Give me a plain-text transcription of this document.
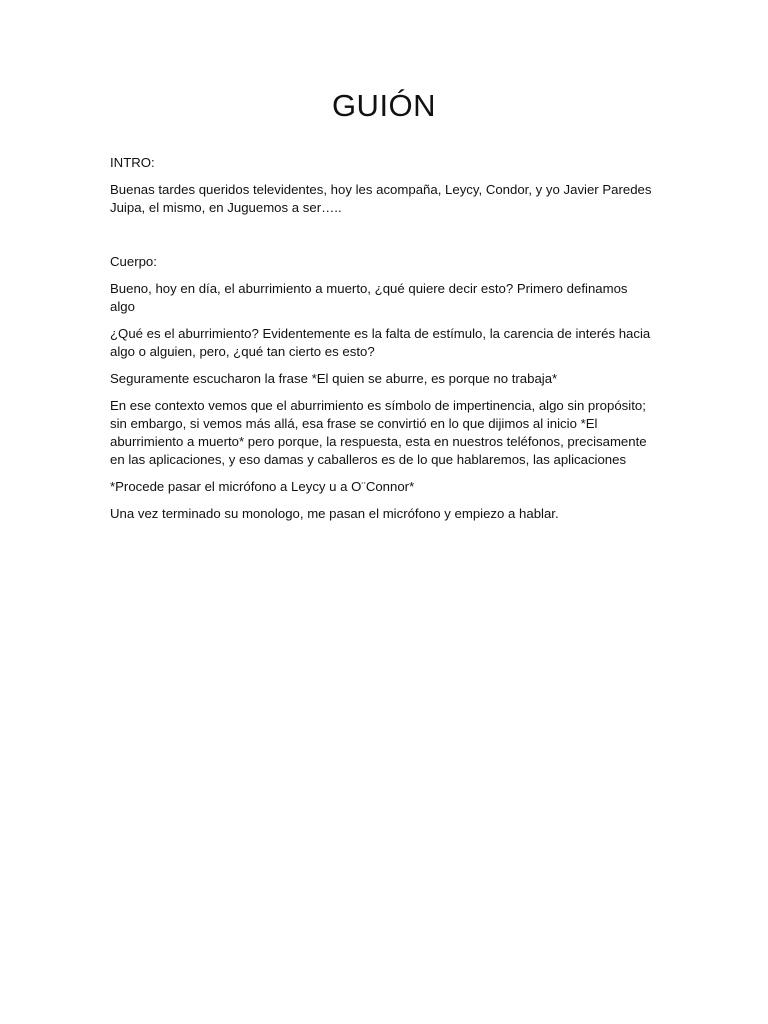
GUIÓN

INTRO:

Buenas tardes queridos televidentes, hoy les acompaña, Leycy, Condor, y yo Javier Paredes Juipa, el mismo, en Juguemos a ser…..

Cuerpo:

Bueno, hoy en día, el aburrimiento a muerto, ¿qué quiere decir esto? Primero definamos algo

¿Qué es el aburrimiento? Evidentemente es la falta de estímulo, la carencia de interés hacia algo o alguien, pero, ¿qué tan cierto es esto?

Seguramente escucharon la frase *El quien se aburre, es porque no trabaja*

En ese contexto vemos que el aburrimiento es símbolo de impertinencia, algo sin propósito; sin embargo, si vemos más allá, esa frase se convirtió en lo que dijimos al inicio *El aburrimiento a muerto* pero porque, la respuesta, esta en nuestros teléfonos, precisamente en las aplicaciones, y eso damas y caballeros es de lo que hablaremos, las aplicaciones

*Procede pasar el micrófono a Leycy u a O¨Connor*

Una vez terminado su monologo, me pasan el micrófono y empiezo a hablar.
